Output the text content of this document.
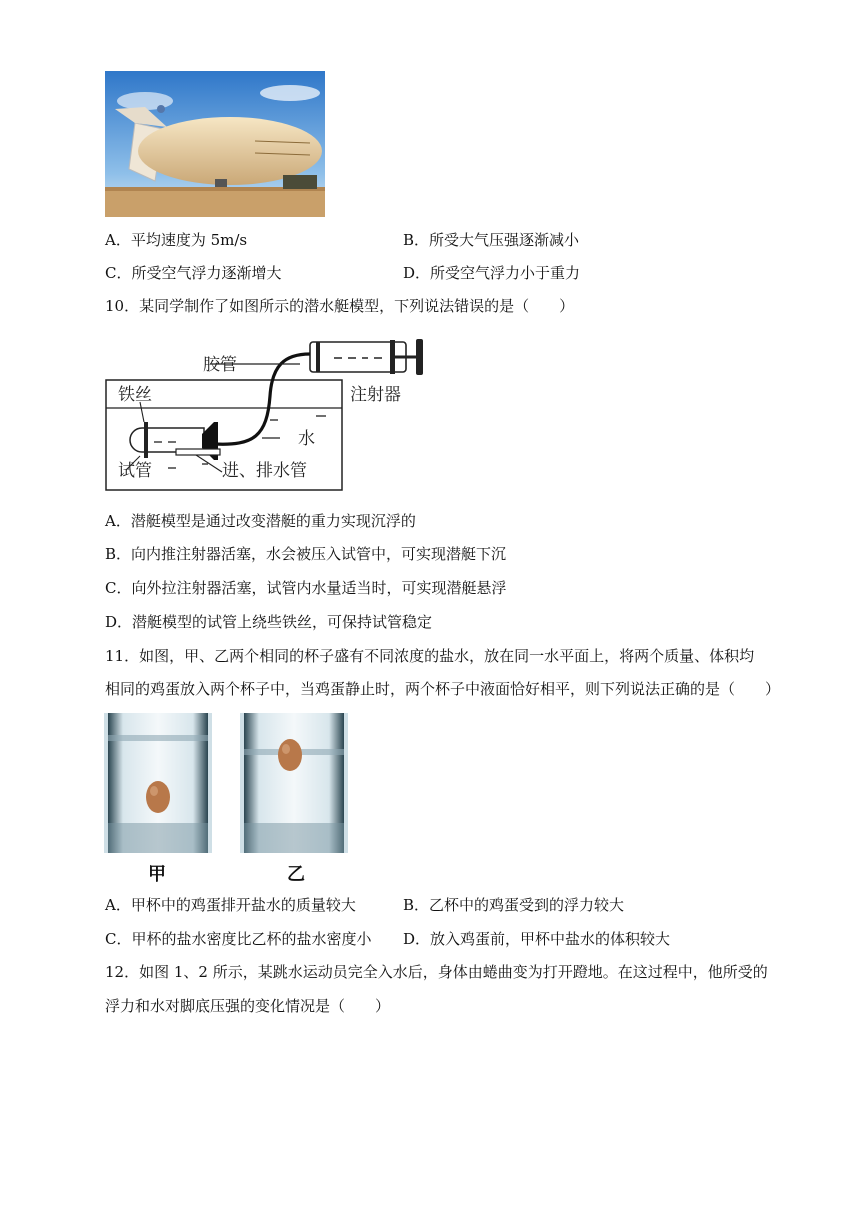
A．平均速度为 5m/s	B．所受大气压强逐渐减小
C．所受空气浮力逐渐增大	D．所受空气浮力小于重力
10．某同学制作了如图所示的潜水艇模型，下列说法错误的是（　　）
胶管
注射器
铁丝
水
试管	进、排水管
A．潜艇模型是通过改变潜艇的重力实现沉浮的
B．向内推注射器活塞，水会被压入试管中，可实现潜艇下沉
C．向外拉注射器活塞，试管内水量适当时，可实现潜艇悬浮
D．潜艇模型的试管上绕些铁丝，可保持试管稳定
11．如图，甲、乙两个相同的杯子盛有不同浓度的盐水，放在同一水平面上，将两个质量、体积均
相同的鸡蛋放入两个杯子中，当鸡蛋静止时，两个杯子中液面恰好相平，则下列说法正确的是（　　）
甲	乙
A．甲杯中的鸡蛋排开盐水的质量较大	B．乙杯中的鸡蛋受到的浮力较大
C．甲杯的盐水密度比乙杯的盐水密度小 D．放入鸡蛋前，甲杯中盐水的体积较大
12．如图 1、2 所示，某跳水运动员完全入水后，身体由蜷曲变为打开蹬地。在这过程中，他所受的
浮力和水对脚底压强的变化情况是（　　）
